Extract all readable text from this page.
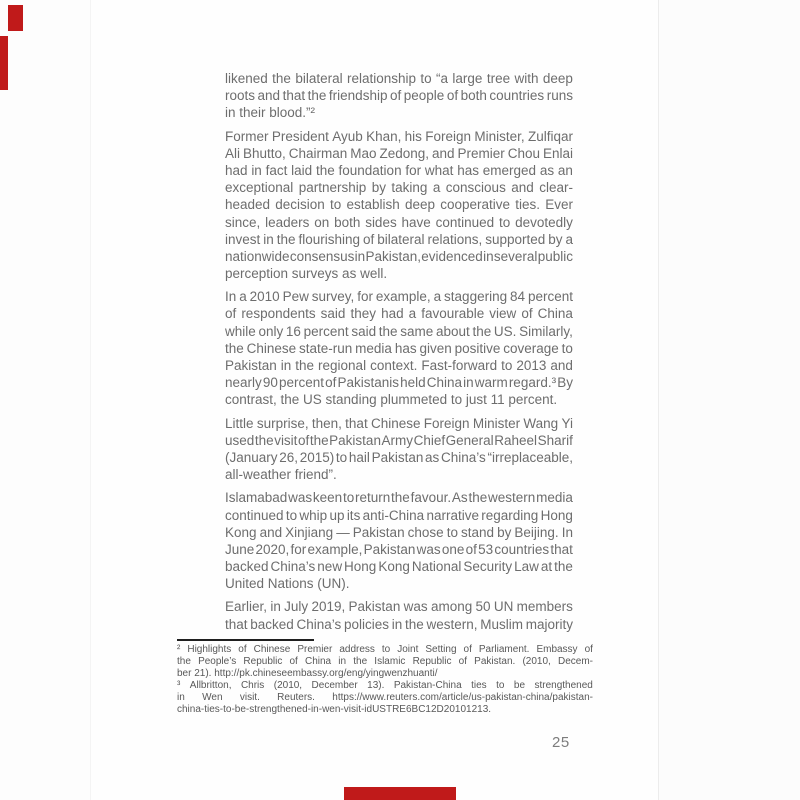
likened the bilateral relationship to “a large tree with deep
roots and that the friendship of people of both countries runs
in their blood.”²
Former President Ayub Khan, his Foreign Minister, Zulfiqar
Ali Bhutto, Chairman Mao Zedong, and Premier Chou Enlai
had in fact laid the foundation for what has emerged as an
exceptional partnership by taking a conscious and clear-
headed decision to establish deep cooperative ties. Ever
since, leaders on both sides have continued to devotedly
invest in the flourishing of bilateral relations, supported by a
nationwide consensus in Pakistan, evidenced in several public
perception surveys as well.
In a 2010 Pew survey, for example, a staggering 84 percent
of respondents said they had a favourable view of China
while only 16 percent said the same about the US. Similarly,
the Chinese state-run media has given positive coverage to
Pakistan in the regional context. Fast-forward to 2013 and
nearly 90 percent of Pakistanis held China in warm regard.³ By
contrast, the US standing plummeted to just 11 percent.
Little surprise, then, that Chinese Foreign Minister Wang Yi
used the visit of the Pakistan Army Chief General Raheel Sharif
(January 26, 2015) to hail Pakistan as China’s “irreplaceable,
all-weather friend”.
Islamabad was keen to return the favour. As the western media
continued to whip up its anti-China narrative regarding Hong
Kong and Xinjiang — Pakistan chose to stand by Beijing. In
June 2020, for example, Pakistan was one of 53 countries that
backed China’s new Hong Kong National Security Law at the
United Nations (UN).
Earlier, in July 2019, Pakistan was among 50 UN members
that backed China’s policies in the western, Muslim majority
² Highlights of Chinese Premier address to Joint Setting of Parliament. Embassy of
the People’s Republic of China in the Islamic Republic of Pakistan. (2010, Decem-
ber 21). http://pk.chineseembassy.org/eng/yingwenzhuanti/
³ Allbritton, Chris (2010, December 13). Pakistan-China ties to be strengthened
in Wen visit. Reuters. https://www.reuters.com/article/us-pakistan-china/pakistan-
china-ties-to-be-strengthened-in-wen-visit-idUSTRE6BC12D20101213.
25
